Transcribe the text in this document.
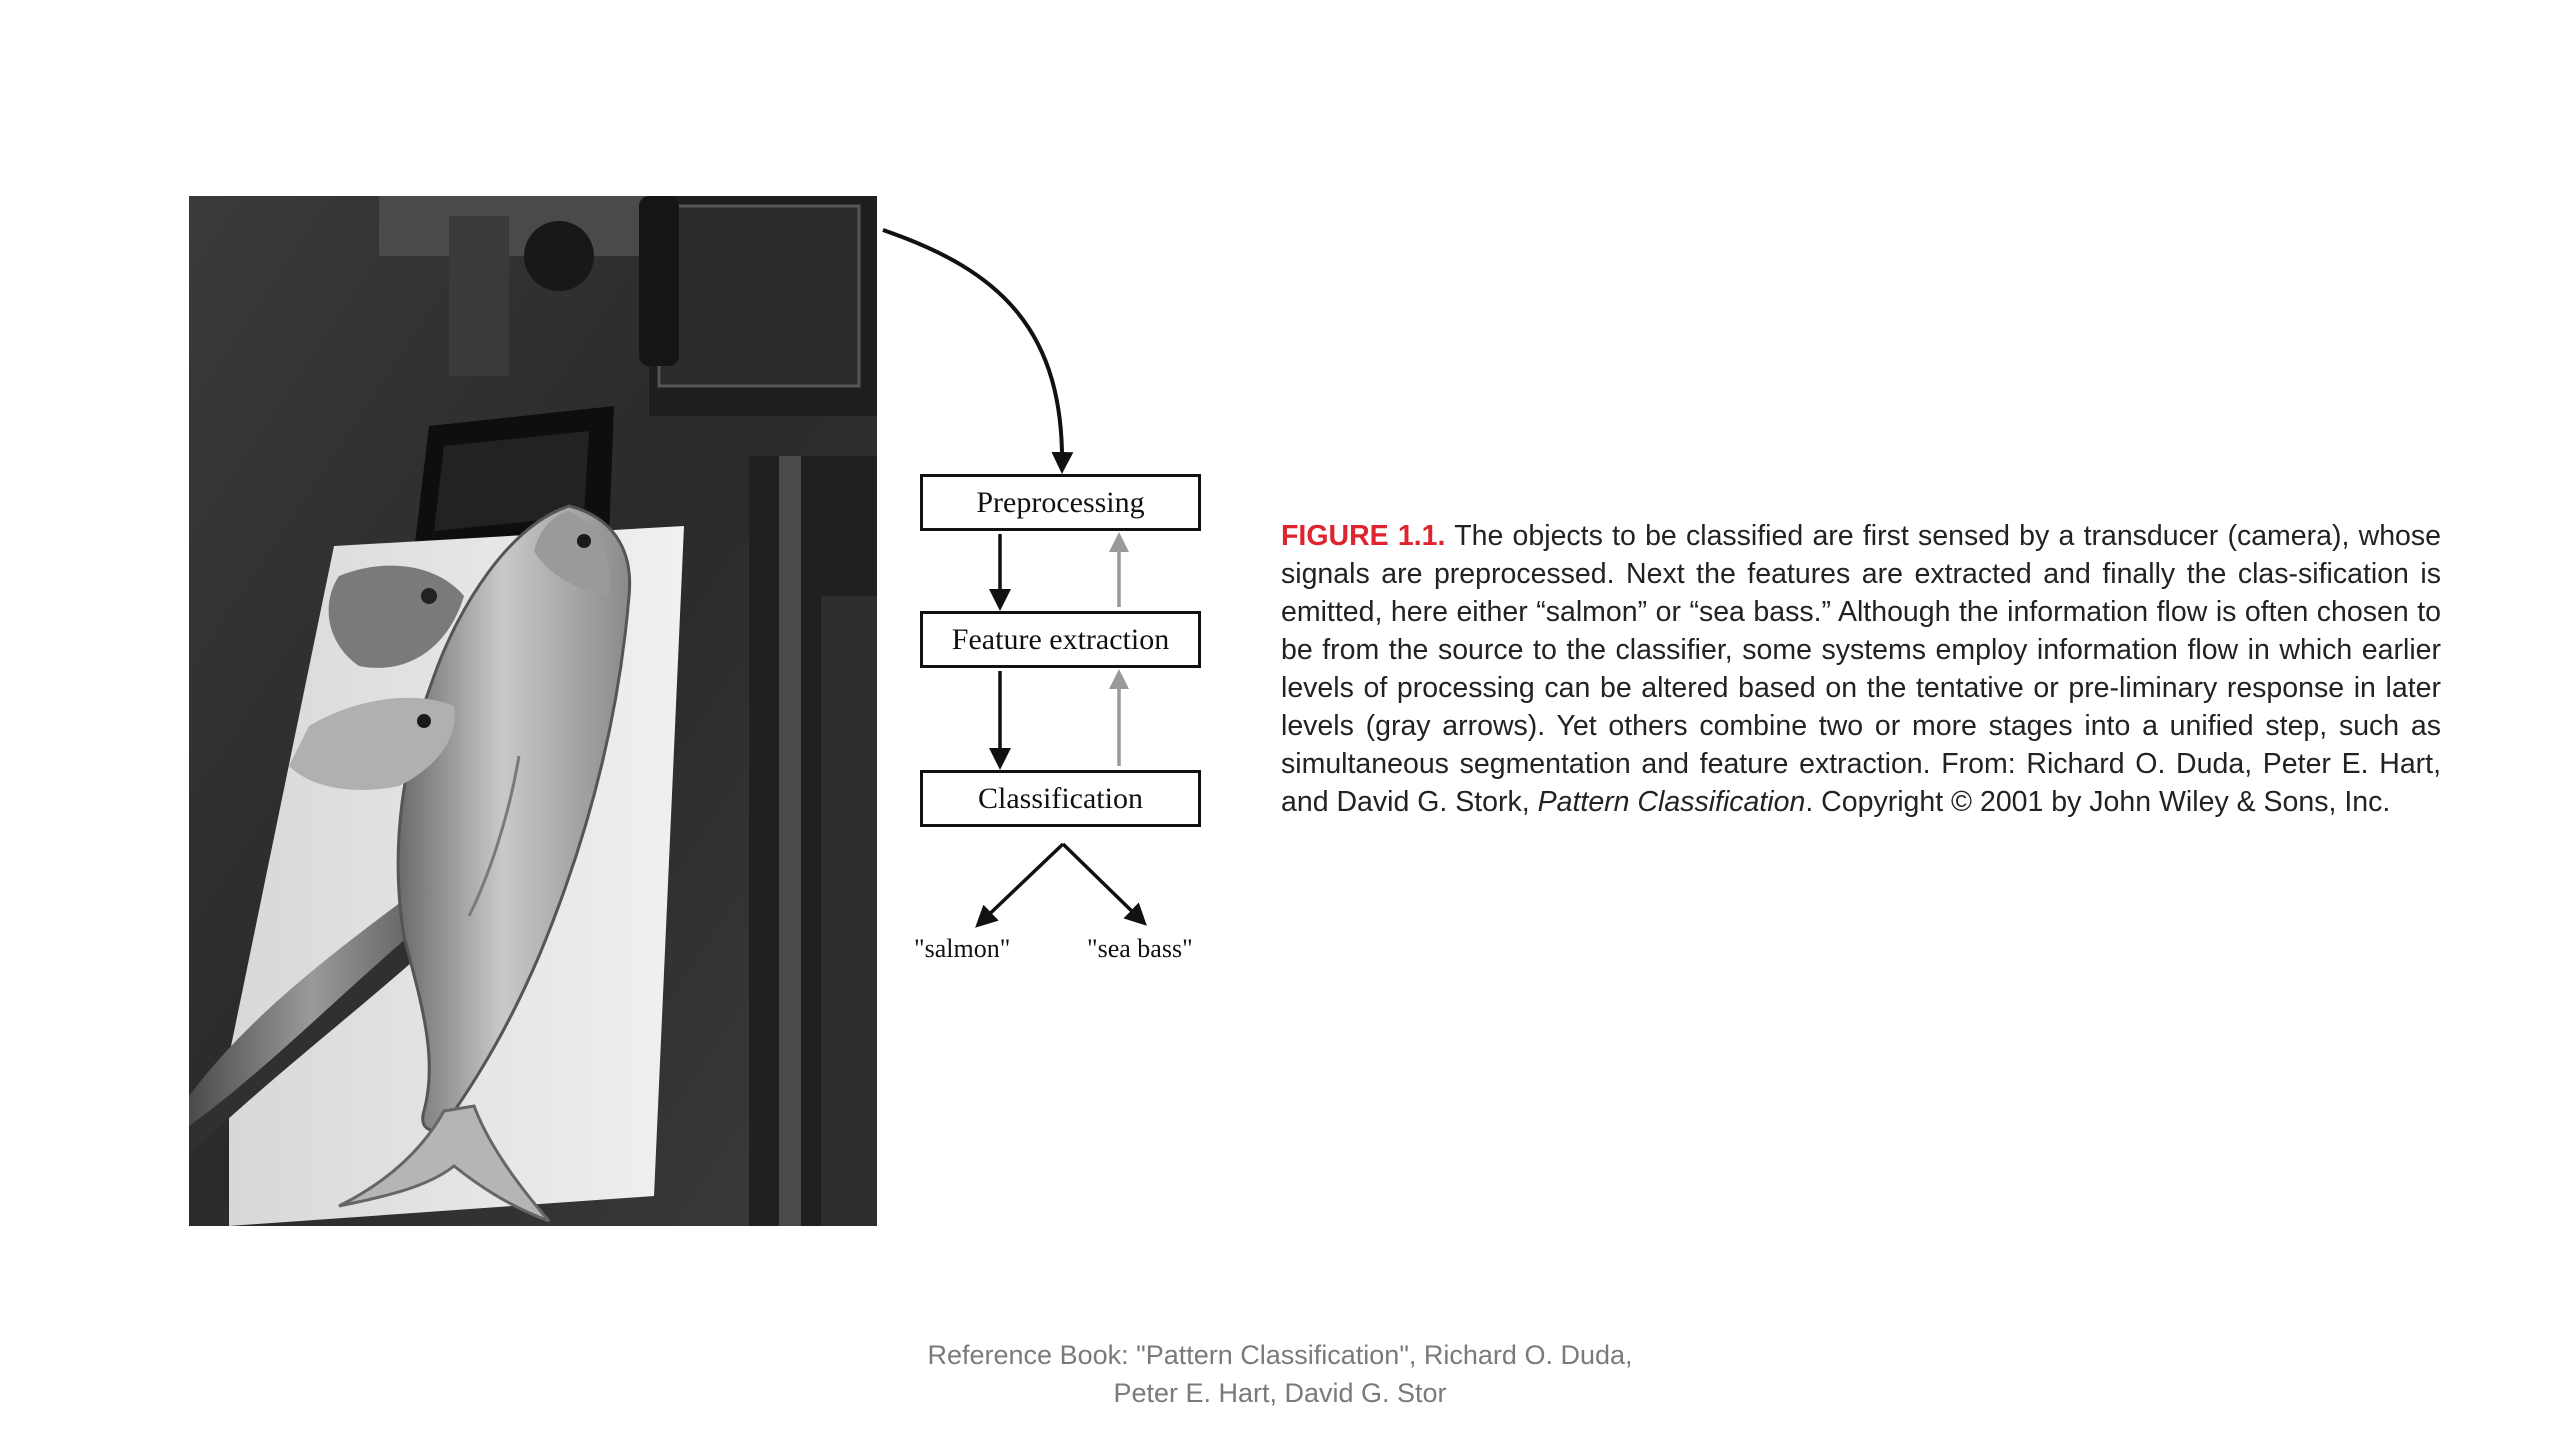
Preprocessing
Feature extraction
Classification
"salmon"	"sea bass"
FIGURE 1.1. The objects to be classified are first sensed by a transducer (camera), whose signals are preprocessed. Next the features are extracted and finally the clas-sification is emitted, here either “salmon” or “sea bass.” Although the information flow is often chosen to be from the source to the classifier, some systems employ information flow in which earlier levels of processing can be altered based on the tentative or pre-liminary response in later levels (gray arrows). Yet others combine two or more stages into a unified step, such as simultaneous segmentation and feature extraction. From: Richard O. Duda, Peter E. Hart, and David G. Stork, Pattern Classification. Copyright © 2001 by John Wiley & Sons, Inc.
Reference Book: "Pattern Classification", Richard O. Duda,
Peter E. Hart, David G. Stor
